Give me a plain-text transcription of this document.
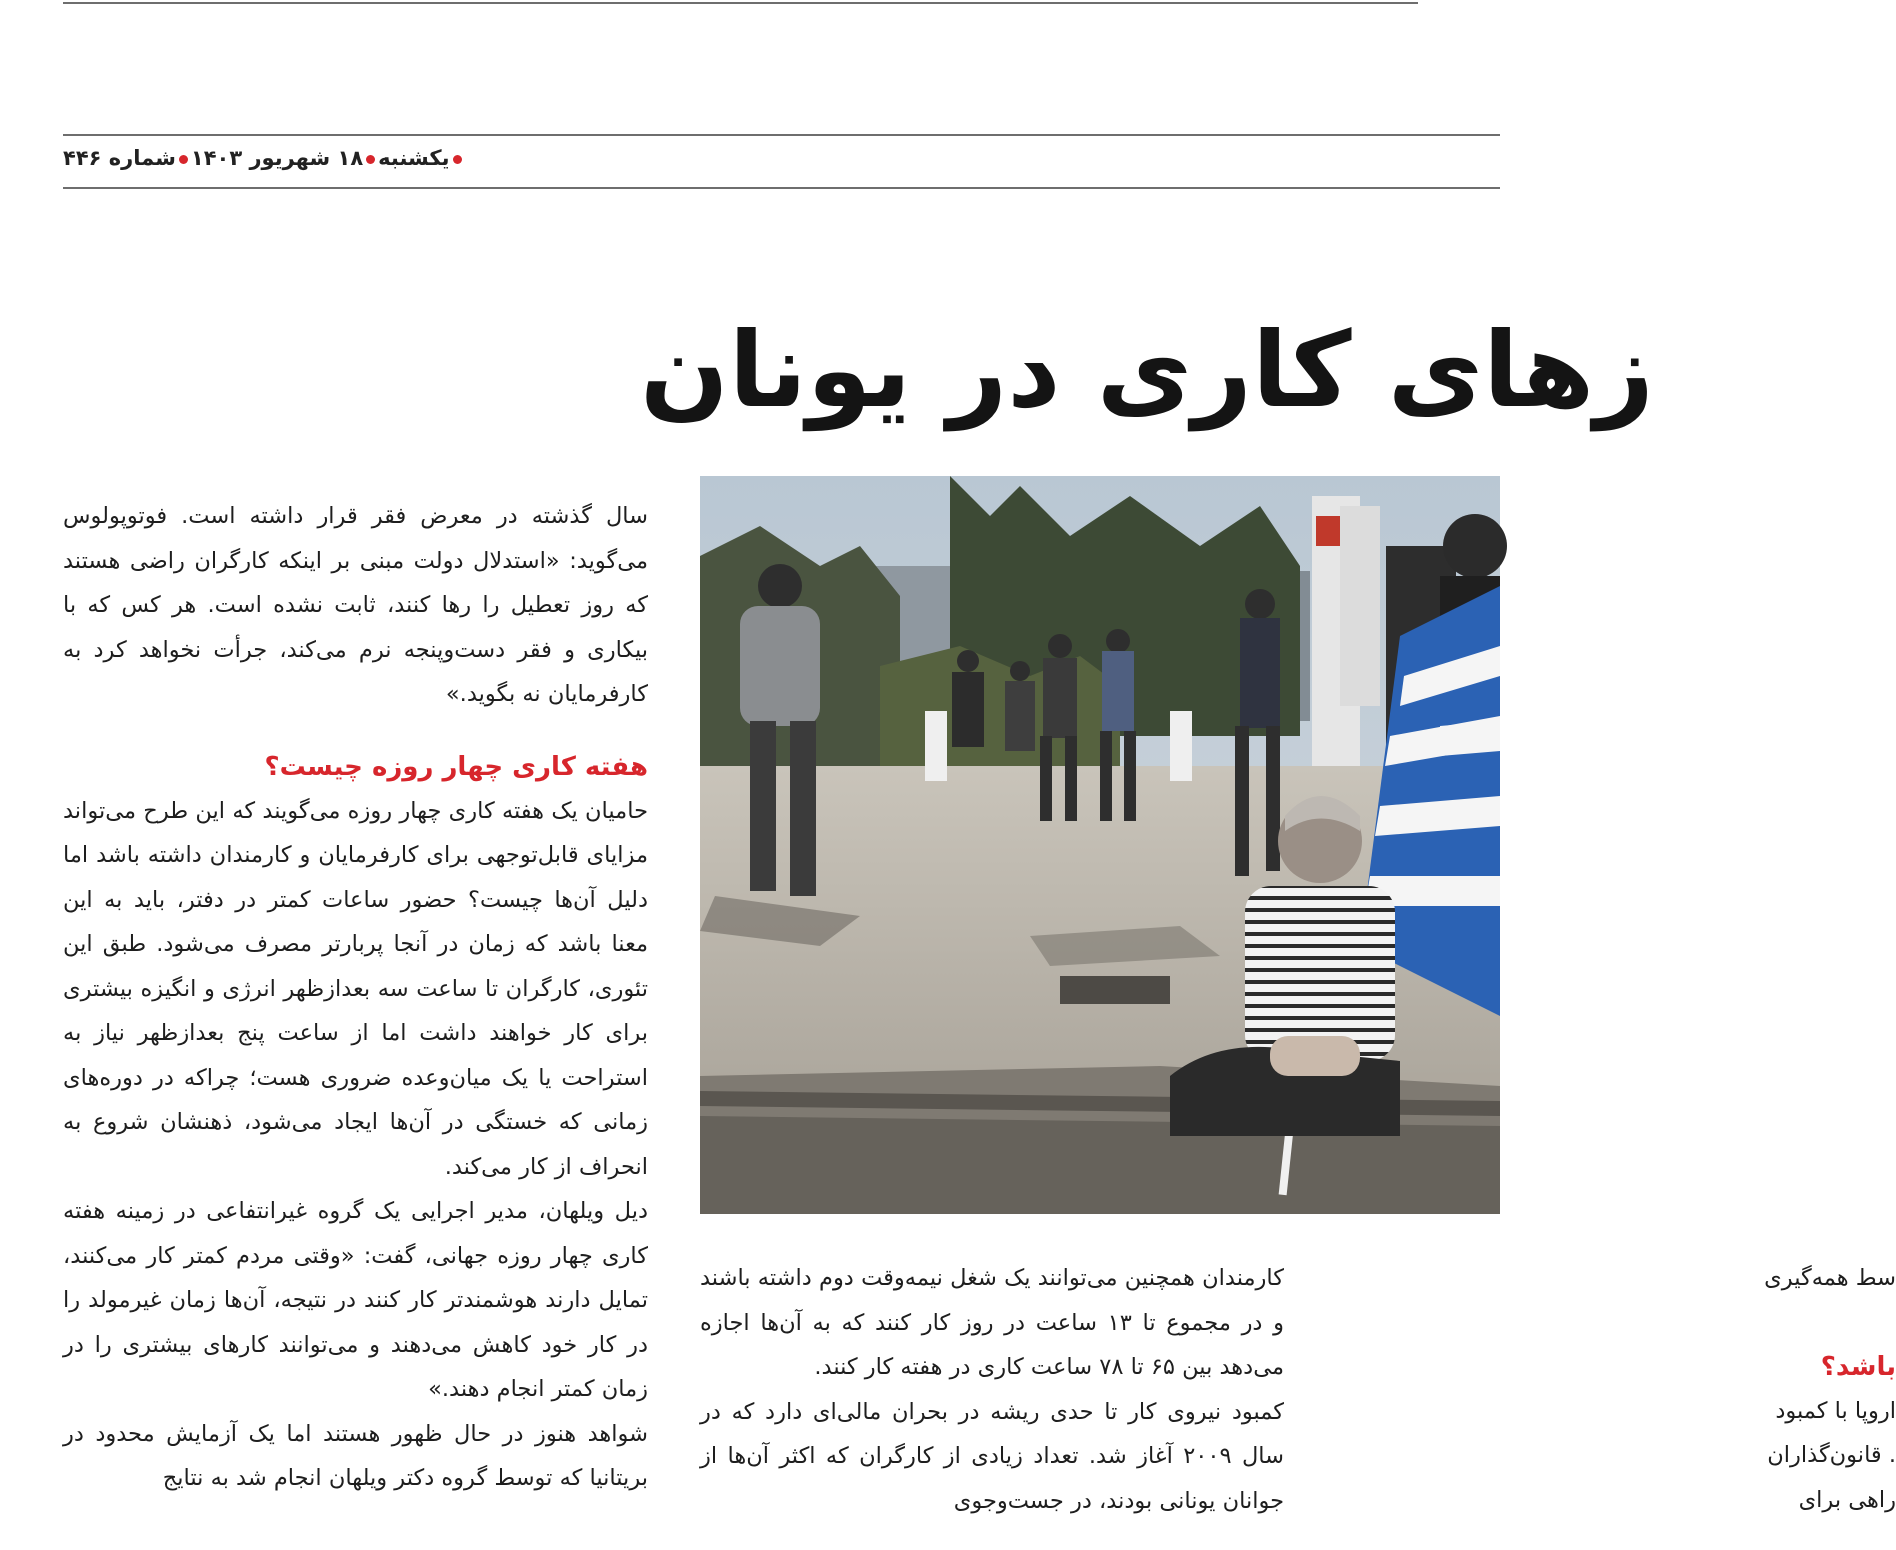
یکشنبه۱۸ شهریور ۱۴۰۳شماره ۴۴۶
زهای کاری در یونان

سال گذشته در معرض فقر قرار داشته است. فوتوپولوس می‌گوید: «استدلال دولت مبنی بر اینکه کارگران راضی هستند که روز تعطیل را رها کنند، ثابت نشده است. هر کس که با بیکاری و فقر دست‌وپنجه نرم می‌کند، جرأت نخواهد کرد به کارفرمایان نه بگوید.»

هفته کاری چهار روزه چیست؟

حامیان یک هفته کاری چهار روزه می‌گویند که این طرح می‌تواند مزایای قابل‌توجهی برای کارفرمایان و کارمندان داشته باشد اما دلیل آن‌ها چیست؟ حضور ساعات کمتر در دفتر، باید به این معنا باشد که زمان در آنجا پربارتر مصرف می‌شود. طبق این تئوری، کارگران تا ساعت سه بعدازظهر انرژی و انگیزه بیشتری برای کار خواهند داشت اما از ساعت پنج بعدازظهر نیاز به استراحت یا یک میان‌وعده ضروری هست؛ چراکه در دوره‌های زمانی که خستگی در آن‌ها ایجاد می‌شود، ذهنشان شروع به انحراف از کار می‌کند.

دیل ویلهان، مدیر اجرایی یک گروه غیرانتفاعی در زمینه هفته کاری چهار روزه جهانی، گفت: «وقتی مردم کمتر کار می‌کنند، تمایل دارند هوشمندتر کار کنند در نتیجه، آن‌ها زمان غیرمولد را در کار خود کاهش می‌دهند و می‌توانند کارهای بیشتری را در زمان کمتر انجام دهند.»

شواهد هنوز در حال ظهور هستند اما یک آزمایش محدود در بریتانیا که توسط گروه دکتر ویلهان انجام شد به نتایج

کارمندان همچنین می‌توانند یک شغل نیمه‌وقت دوم داشته باشند و در مجموع تا ۱۳ ساعت در روز کار کنند که به آن‌ها اجازه می‌دهد بین ۶۵ تا ۷۸ ساعت کاری در هفته کار کنند.

کمبود نیروی کار تا حدی ریشه در بحران مالی‌ای دارد که در سال ۲۰۰۹ آغاز شد. تعداد زیادی از کارگران که اکثر آن‌ها از جوانان یونانی بودند، در جست‌وجوی

سط همه‌گیری

باشد؟

اروپا با کمبود

. قانون‌گذاران

راهی برای
